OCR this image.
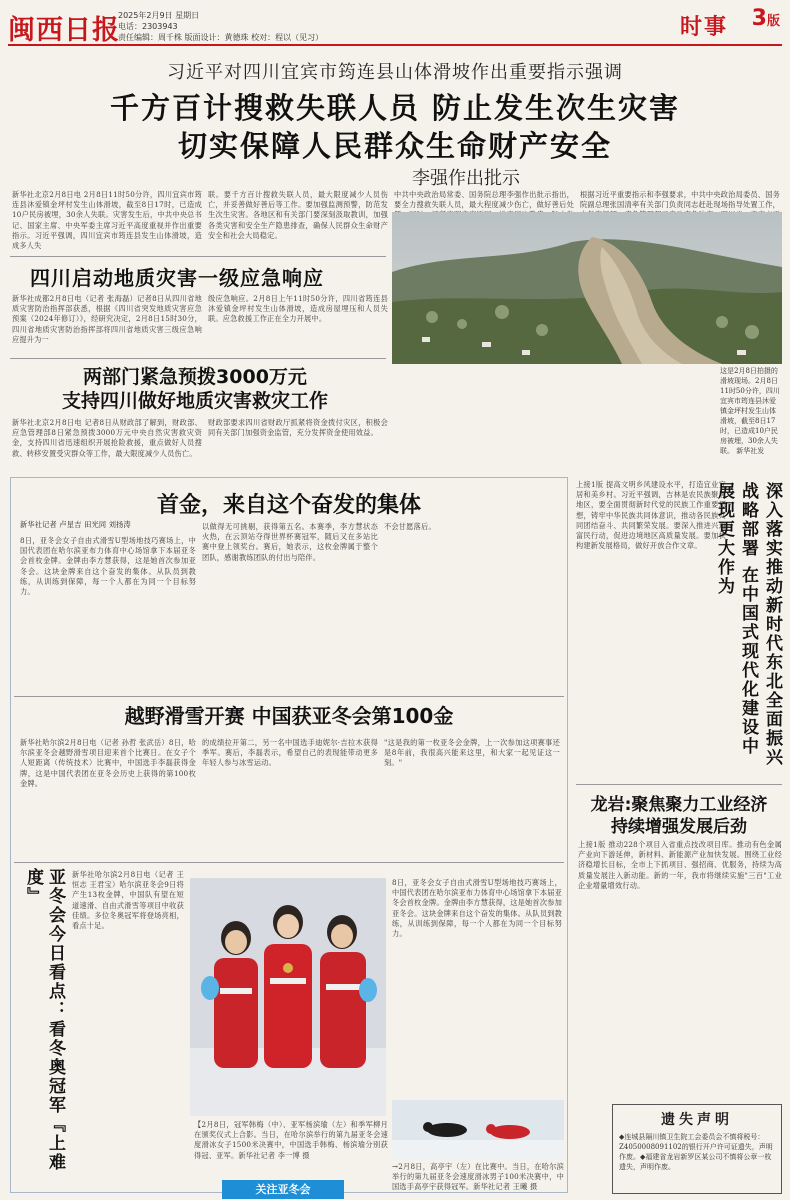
闽西日报
2025年2月9日 星期日
电话：2303943
责任编辑：周千株 版面设计：黄德珠 校对：程以（见习）	时事 3版
习近平对四川宜宾市筠连县山体滑坡作出重要指示强调
千方百计搜救失联人员 防止发生次生灾害
切实保障人民群众生命财产安全
李强作出批示
新华社北京2月8日电 2月8日11时50分许，四川宜宾市筠连县沐爱镇金坪村发生山体滑坡，截至8日17时，已造成10户民房被埋，30余人失联。灾害发生后，中共中央总书记、国家主席、中央军委主席习近平高度重视并作出重要指示。习近平强调，四川宜宾市筠连县发生山体滑坡，造成多人失
联。要千方百计搜救失联人员，最大限度减少人员伤亡，并妥善做好善后等工作。要加强监测预警，防范发生次生灾害。各地区和有关部门要深刻汲取教训，加强各类灾害和安全生产隐患排查，确保人民群众生命财产安全和社会大局稳定。
中共中央政治局常委、国务院总理李强作出批示指出，要全力搜救失联人员，最大程度减少伤亡，做好善后处
根据习近平重要指示和李强要求，中共中央政治局委员、国务院副总理张国清率有关部门负责同志赶赴现场指导处置工作，
四川启动地质灾害一级应急响应
新华社成都2月8日电（记者 张海磊）记者8日从四川省地质灾害防治指挥部获悉，根据《四川省突发地质灾害应急预案（2024年修订）》，经研究决定，2月8日15时30分，四川省地质灾害防治指挥部将四川省地质灾害三级应急响应提升为一
级应急响应。2月8日上午11时50分许，四川省筠连县沐爱镇金坪村发生山体滑坡，造成房屋埋压和人员失联。应急救援工作正在全力开展中。
两部门紧急预拨3000万元
支持四川做好地质灾害救灾工作
新华社北京2月8日电 记者8日从财政部了解到，财政部、应急管理部8日紧急预拨3000万元中央自然灾害救灾资金，支持四川省迅速组织开展抢险救援，重点做好人员搜救、转移安置受灾群众等工作，最大限度减少人员伤亡。
财政部要求四川省财政厅抓紧将资金拨付灾区，积极会同有关部门加强资金监管，充分发挥资金使用效益。
这是2月8日拍摄的滑坡现场。2月8日11时50分许，四川宜宾市筠连县沐爱镇金坪村发生山体滑坡，截至8日17时，已造成10户民房被埋，30余人失联。 新华社发
首金，来自这个奋发的集体
新华社记者 卢星吉 田光同 刘扬涛
8日，亚冬会女子自由式滑雪U型场地技巧赛场上，中国代表团在哈尔滨亚布力体育中心场馆拿下本届亚冬会首枚金牌。金牌由李方慧获得，这是她首次参加亚冬会。这块金牌来自这个奋发的集体。从队员到教练，从训练到保障，每一个人都在为同一个目标努力。
以做得无可挑剔，获得第五名。本赛季，李方慧状态火热，在云顶站夺得世界杯赛冠军，随后又在多站比赛中登上领奖台。赛后，她表示，这枚金牌属于整个团队，感谢教练团队的付出与陪伴。
不会甘愿落后。
越野滑雪开赛 中国获亚冬会第100金
新华社哈尔滨2月8日电（记者 孙哲 张武岳）8日，哈尔滨亚冬会越野滑雪项目迎来首个比赛日。在女子个人短距离（传统技术）比赛中，中国选手李磊获得金牌，这是中国代表团在亚冬会历史上获得的第100枚金牌。
的成绩拉开第二，另一名中国选手迪妮尔·吉拉木获得季军。赛后，李磊表示，希望自己的表现能带动更多年轻人参与冰雪运动。
"这是我的第一枚亚冬会金牌，上一次参加这项赛事还是8年前，我很高兴能来这里，和大家一起见证这一刻。"
亚冬会今日看点：看冬奥冠军『上难度』	新华社哈尔滨2月8日电（记者 王恒志 王君宝）哈尔滨亚冬会9日将产生13枚金牌，中国队有望在短道速滑、自由式滑雪等项目中收获佳绩。多位冬奥冠军将登场亮相，看点十足。
【2月8日，冠军韩梅（中）、亚军杨滨瑜（左）和季军柳月在颁奖仪式上合影。当日，在哈尔滨举行的第九届亚冬会速度滑冰女子1500米决赛中，中国选手韩梅、杨滨瑜分别获得冠、亚军。新华社记者 李一博 摄
8日，亚冬会女子自由式滑雪U型场地技巧赛场上，中国代表团在哈尔滨亚布力体育中心场馆拿下本届亚冬会首枚金牌。金牌由李方慧获得，这是她首次参加亚冬会。这块金牌来自这个奋发的集体。从队员到教练，从训练到保障，每一个人都在为同一个目标努力。
→2月8日，高亭宇（左）在比赛中。当日，在哈尔滨举行的第九届亚冬会速度滑冰男子100米决赛中，中国选手高亭宇获得冠军。新华社记者 王曦 摄
关注亚冬会
上接1版 提高文明乡风建设水平，打造宜业宜居和美乡村。习近平强调，吉林是农民族聚居地区，要全面贯彻新时代党的民族工作重要思想，铸牢中华民族共同体意识，推动各民族共同团结奋斗、共同繁荣发展。要深入推进兴边富民行动，促进边境地区高质量发展。要加快构建新发展格局，做好开放合作文章。	深入落实推动新时代东北全面振兴战略部署 在中国式现代化建设中展现更大作为
龙岩:聚焦聚力工业经济
持续增强发展后劲
上接1版 推动228个项目入省重点技改项目库。推动有色金属产业向下游延伸，新材料、新能源产业加快发展。围绕工业经济稳增长目标，全市上下抓项目、强招商、优服务，持续为高质量发展注入新动能。新的一年，我市将继续实施"三百"工业企业增量增效行动。
遗失声明
◆连城县隔川镇卫生院工会委员会不慎将税号：Z4050008091102的银行开户许可证遗失，声明作废。◆福建省龙岩新罗区某公司不慎将公章一枚遗失，声明作废。
